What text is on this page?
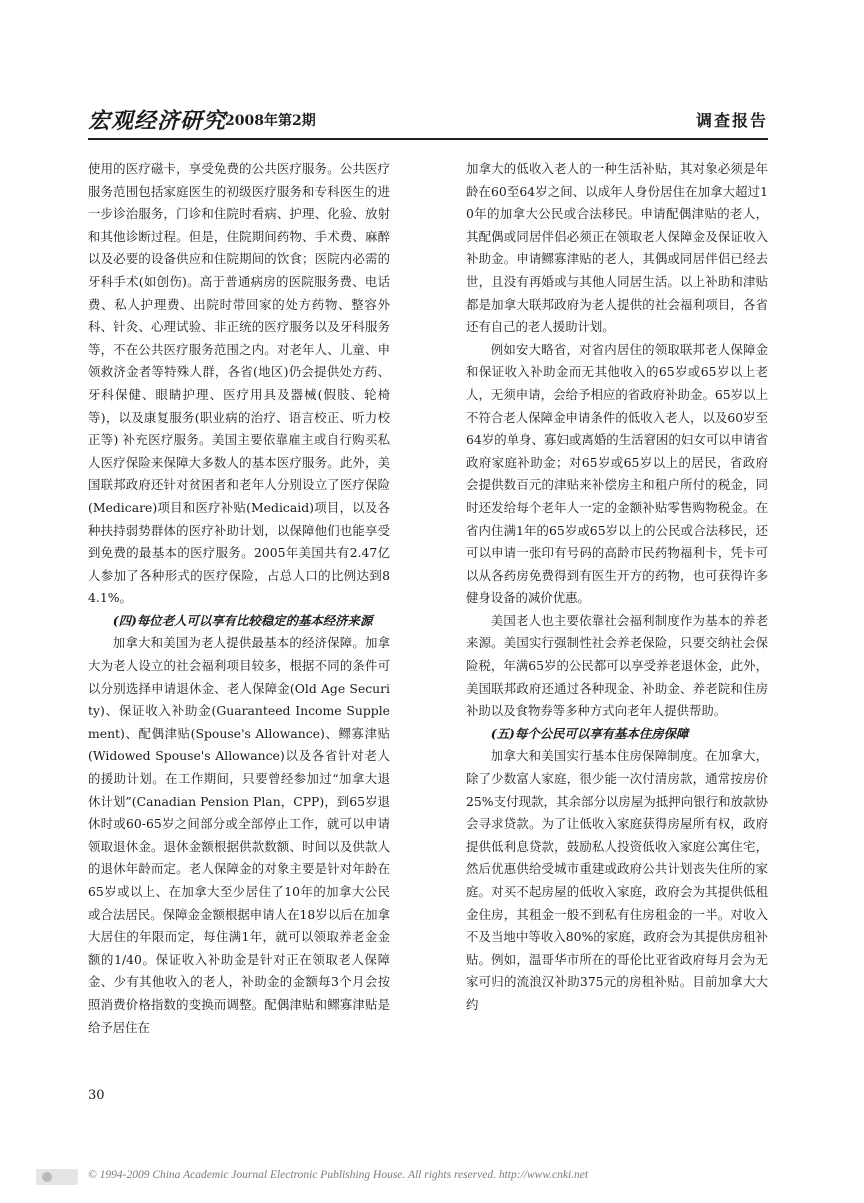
宏观经济研究
2008年第2期	调查报告

使用的医疗磁卡，享受免费的公共医疗服务。公共医疗服务范围包括家庭医生的初级医疗服务和专科医生的进一步诊治服务，门诊和住院时看病、护理、化验、放射和其他诊断过程。但是，住院期间药物、手术费、麻醉以及必要的设备供应和住院期间的饮食；医院内必需的牙科手术(如创伤)。高于普通病房的医院服务费、电话费、私人护理费、出院时带回家的处方药物、整容外科、针灸、心理试验、非正统的医疗服务以及牙科服务等，不在公共医疗服务范围之内。对老年人、儿童、申领救济金者等特殊人群，各省(地区)仍会提供处方药、牙科保健、眼睛护理、医疗用具及器械(假肢、轮椅等)，以及康复服务(职业病的治疗、语言校正、听力校正等) 补充医疗服务。美国主要依靠雇主或自行购买私人医疗保险来保障大多数人的基本医疗服务。此外，美国联邦政府还针对贫困者和老年人分别设立了医疗保险(Medicare)项目和医疗补贴(Medicaid)项目，以及各种扶持弱势群体的医疗补助计划，以保障他们也能享受到免费的最基本的医疗服务。2005年美国共有2.47亿人参加了各种形式的医疗保险，占总人口的比例达到84.1%。

(四)每位老人可以享有比较稳定的基本经济来源

加拿大和美国为老人提供最基本的经济保障。加拿大为老人设立的社会福利项目较多，根据不同的条件可以分别选择申请退休金、老人保障金(Old Age Security)、保证收入补助金(Guaranteed Income Supplement)、配偶津贴(Spouse's Allowance)、鳏寡津贴(Widowed Spouse's Allowance)以及各省针对老人的援助计划。在工作期间，只要曾经参加过“加拿大退休计划”(Canadian Pension Plan，CPP)，到65岁退休时或60-65岁之间部分或全部停止工作，就可以申请领取退休金。退休金额根据供款数额、时间以及供款人的退休年龄而定。老人保障金的对象主要是针对年龄在65岁或以上、在加拿大至少居住了10年的加拿大公民或合法居民。保障金金额根据申请人在18岁以后在加拿大居住的年限而定，每住满1年，就可以领取养老金金额的1/40。保证收入补助金是针对正在领取老人保障金、少有其他收入的老人，补助金的金额每3个月会按照消费价格指数的变换而调整。配偶津贴和鳏寡津贴是给予居住在

加拿大的低收入老人的一种生活补贴，其对象必须是年龄在60至64岁之间、以成年人身份居住在加拿大超过10年的加拿大公民或合法移民。申请配偶津贴的老人，其配偶或同居伴侣必须正在领取老人保障金及保证收入补助金。申请鳏寡津贴的老人，其偶或同居伴侣已经去世，且没有再婚或与其他人同居生活。以上补助和津贴都是加拿大联邦政府为老人提供的社会福利项目，各省还有自己的老人援助计划。

例如安大略省，对省内居住的领取联邦老人保障金和保证收入补助金而无其他收入的65岁或65岁以上老人，无须申请，会给予相应的省政府补助金。65岁以上不符合老人保障金申请条件的低收入老人，以及60岁至64岁的单身、寡妇或离婚的生活窘困的妇女可以申请省政府家庭补助金；对65岁或65岁以上的居民，省政府会提供数百元的津贴来补偿房主和租户所付的税金，同时还发给每个老年人一定的金额补贴零售购物税金。在省内住满1年的65岁或65岁以上的公民或合法移民，还可以申请一张印有号码的高龄市民药物福利卡，凭卡可以从各药房免费得到有医生开方的药物，也可获得许多健身设备的减价优惠。

美国老人也主要依靠社会福利制度作为基本的养老来源。美国实行强制性社会养老保险，只要交纳社会保险税，年满65岁的公民都可以享受养老退休金，此外，美国联邦政府还通过各种现金、补助金、养老院和住房补助以及食物券等多种方式向老年人提供帮助。

(五)每个公民可以享有基本住房保障

加拿大和美国实行基本住房保障制度。在加拿大，除了少数富人家庭，很少能一次付清房款，通常按房价25%支付现款，其余部分以房屋为抵押向银行和放款协会寻求贷款。为了让低收入家庭获得房屋所有权，政府提供低利息贷款，鼓励私人投资低收入家庭公寓住宅，然后优惠供给受城市重建或政府公共计划丧失住所的家庭。对买不起房屋的低收入家庭，政府会为其提供低租金住房，其租金一般不到私有住房租金的一半。对收入不及当地中等收入80%的家庭，政府会为其提供房租补贴。例如，温哥华市所在的哥伦比亚省政府每月会为无家可归的流浪汉补助375元的房租补贴。目前加拿大大约

30
© 1994-2009 China Academic Journal Electronic Publishing House. All rights reserved. http://www.cnki.net
